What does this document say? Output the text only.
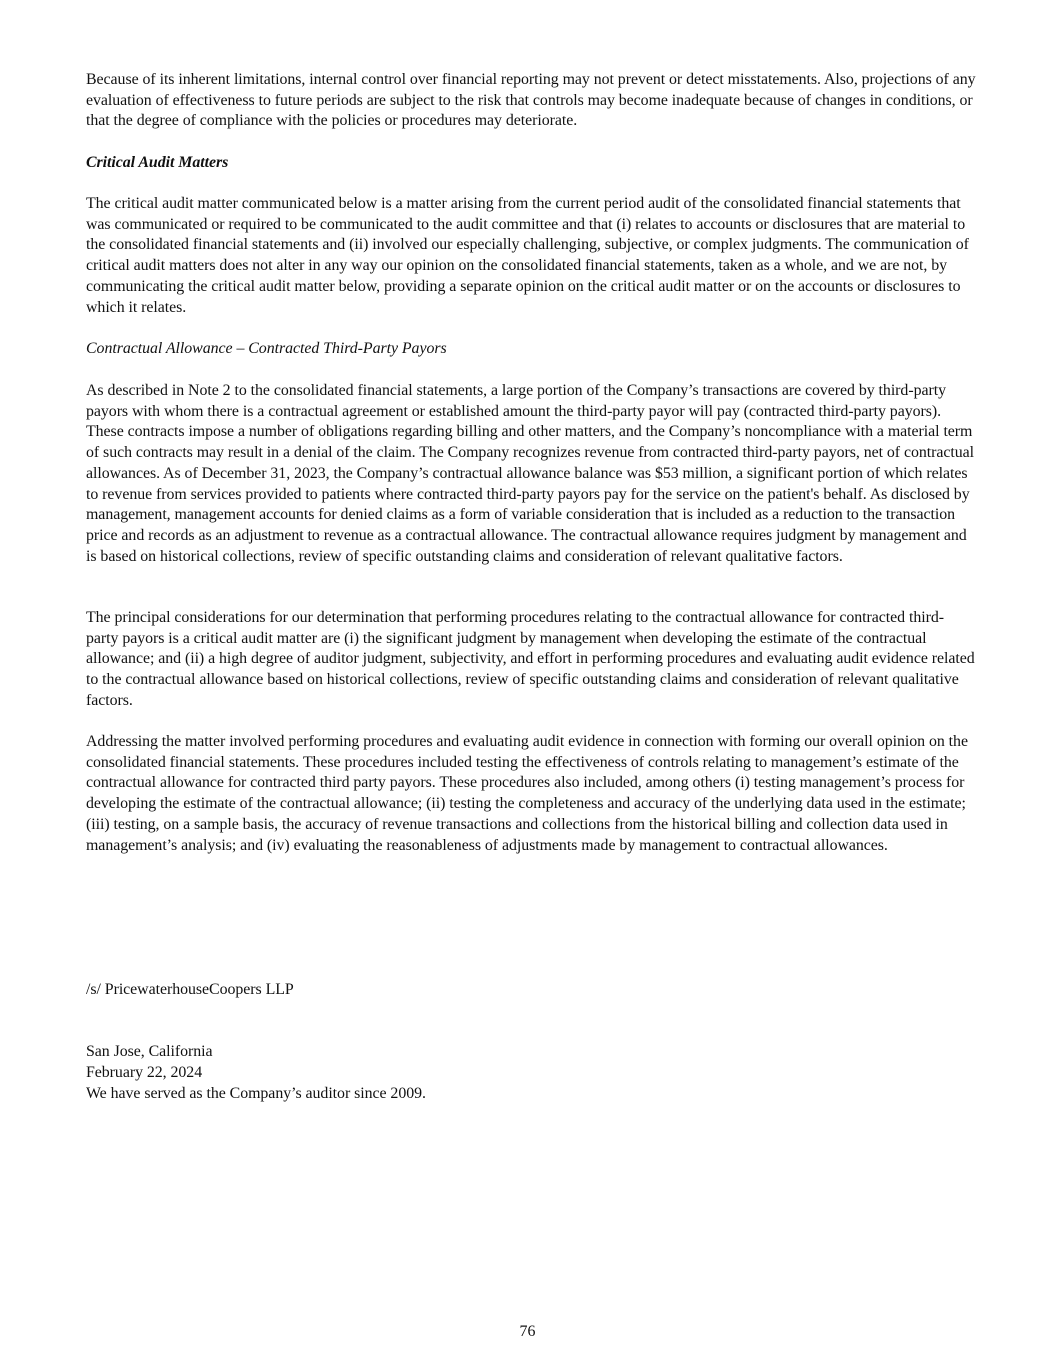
Because of its inherent limitations, internal control over financial reporting may not prevent or detect misstatements. Also, projections of any evaluation of effectiveness to future periods are subject to the risk that controls may become inadequate because of changes in conditions, or that the degree of compliance with the policies or procedures may deteriorate.

Critical Audit Matters

The critical audit matter communicated below is a matter arising from the current period audit of the consolidated financial statements that was communicated or required to be communicated to the audit committee and that (i) relates to accounts or disclosures that are material to the consolidated financial statements and (ii) involved our especially challenging, subjective, or complex judgments. The communication of critical audit matters does not alter in any way our opinion on the consolidated financial statements, taken as a whole, and we are not, by communicating the critical audit matter below, providing a separate opinion on the critical audit matter or on the accounts or disclosures to which it relates.

Contractual Allowance – Contracted Third-Party Payors

As described in Note 2 to the consolidated financial statements, a large portion of the Company’s transactions are covered by third-party payors with whom there is a contractual agreement or established amount the third-party payor will pay (contracted third-party payors). These contracts impose a number of obligations regarding billing and other matters, and the Company’s noncompliance with a material term of such contracts may result in a denial of the claim. The Company recognizes revenue from contracted third-party payors, net of contractual allowances. As of December 31, 2023, the Company’s contractual allowance balance was $53 million, a significant portion of which relates to revenue from services provided to patients where contracted third-party payors pay for the service on the patient's behalf. As disclosed by management, management accounts for denied claims as a form of variable consideration that is included as a reduction to the transaction price and records as an adjustment to revenue as a contractual allowance. The contractual allowance requires judgment by management and is based on historical collections, review of specific outstanding claims and consideration of relevant qualitative factors.

The principal considerations for our determination that performing procedures relating to the contractual allowance for contracted third-party payors is a critical audit matter are (i) the significant judgment by management when developing the estimate of the contractual allowance; and (ii) a high degree of auditor judgment, subjectivity, and effort in performing procedures and evaluating audit evidence related to the contractual allowance based on historical collections, review of specific outstanding claims and consideration of relevant qualitative factors.

Addressing the matter involved performing procedures and evaluating audit evidence in connection with forming our overall opinion on the consolidated financial statements. These procedures included testing the effectiveness of controls relating to management’s estimate of the contractual allowance for contracted third party payors. These procedures also included, among others (i) testing management’s process for developing the estimate of the contractual allowance; (ii) testing the completeness and accuracy of the underlying data used in the estimate; (iii) testing, on a sample basis, the accuracy of revenue transactions and collections from the historical billing and collection data used in management’s analysis; and (iv) evaluating the reasonableness of adjustments made by management to contractual allowances.

/s/ PricewaterhouseCoopers LLP

San Jose, California

February 22, 2024

We have served as the Company’s auditor since 2009.

76
